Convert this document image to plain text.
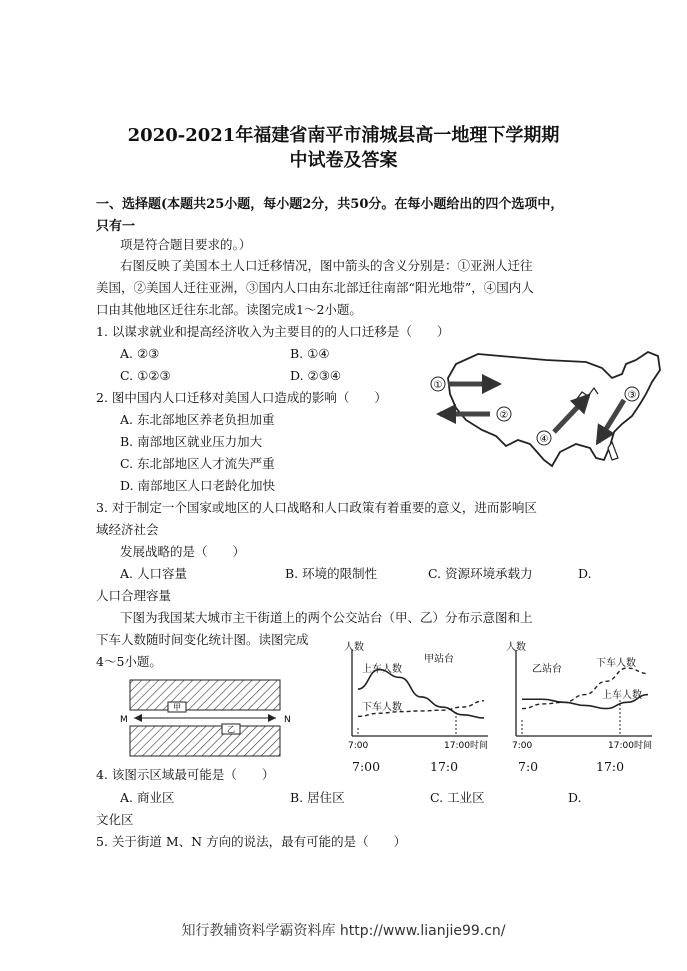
2020-2021年福建省南平市浦城县高一地理下学期期
中试卷及答案
一、选择题(本题共25小题，每小题2分，共50分。在每小题给出的四个选项中，
只有一
项是符合题目要求的。）
右图反映了美国本土人口迁移情况，图中箭头的含义分别是：①亚洲人迁往
美国，②美国人迁往亚洲，③国内人口由东北部迁往南部“阳光地带”，④国内人
口由其他地区迁往东北部。读图完成1～2小题。
1. 以谋求就业和提高经济收入为主要目的的人口迁移是（　　）
A. ②③	B. ①④
C. ①②③	D. ②③④
2. 图中国内人口迁移对美国人口造成的影响（　　）
A. 东北部地区养老负担加重
B. 南部地区就业压力加大
C. 东北部地区人才流失严重
D. 南部地区人口老龄化加快
①
②
③
④
3. 对于制定一个国家或地区的人口战略和人口政策有着重要的意义，进而影响区
域经济社会
发展战略的是（　　）
A. 人口容量	B. 环境的限制性	C. 资源环境承载力	D.
人口合理容量
下图为我国某大城市主干街道上的两个公交站台（甲、乙）分布示意图和上
下车人数随时间变化统计图。读图完成
4～5小题。
甲
乙
M	N
人数
甲站台
上车人数
下车人数
7:00	17:00 时间
人数
乙站台
下车人数
上车人数
7:00	17:00 时间
7:00	17:0	7:0	17:0
4. 该图示区域最可能是（　　）
A. 商业区	B. 居住区	C. 工业区	D.
文化区
5. 关于街道 M、N 方向的说法，最有可能的是（　　）
知行教辅资料学霸资料库 http://www.lianjie99.cn/
